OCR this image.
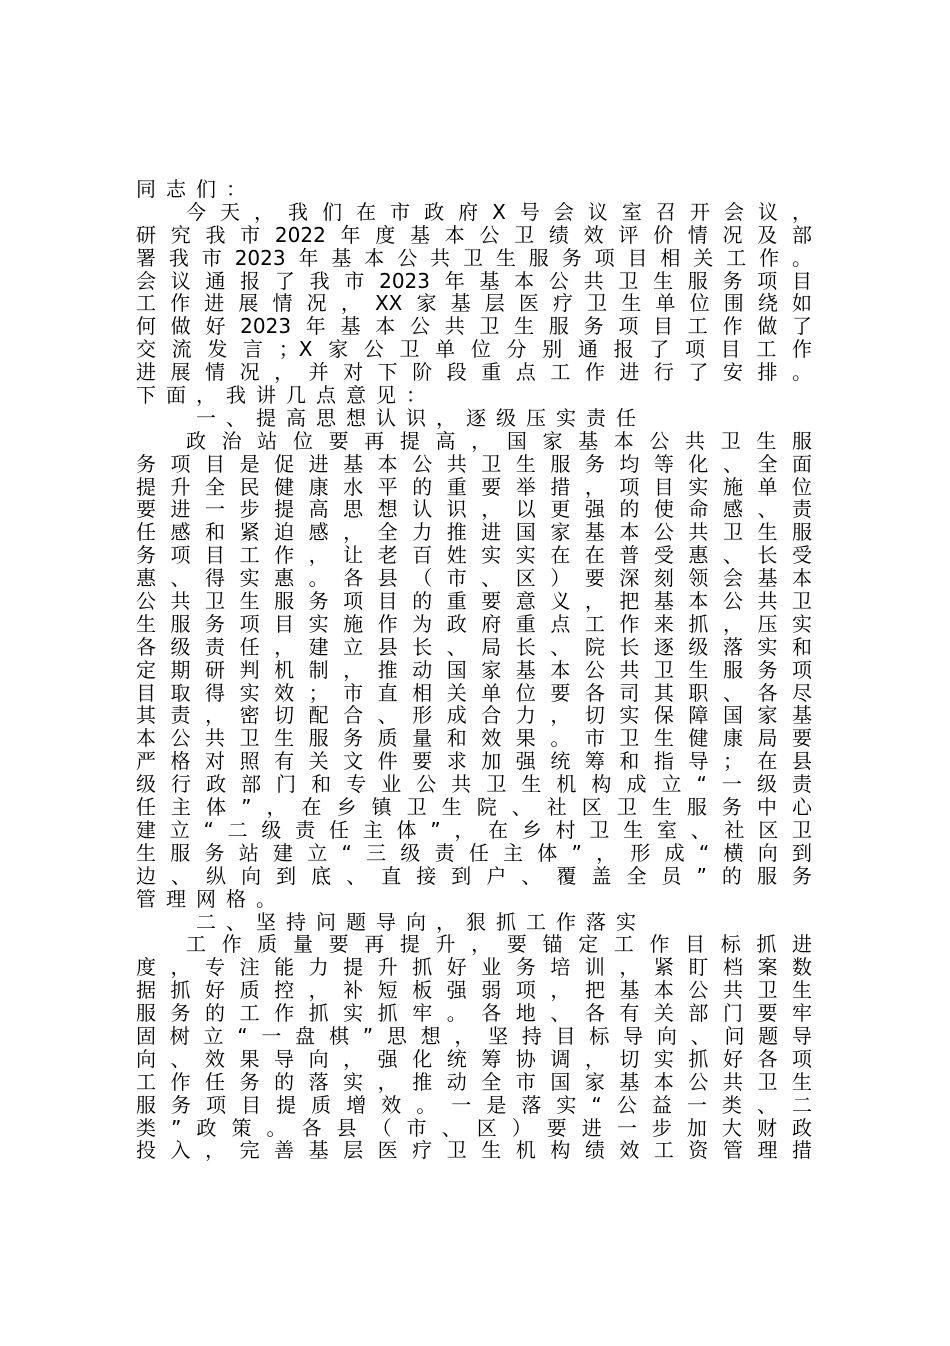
同志们：
今天，我们在市政府X号会议室召开会议，
研究我市2022年度基本公卫绩效评价情况及部
署我市2023年基本公共卫生服务项目相关工作。
会议通报了我市2023年基本公共卫生服务项目
工作进展情况，XX家基层医疗卫生单位围绕如
何做好2023年基本公共卫生服务项目工作做了
交流发言；X家公卫单位分别通报了项目工作
进展情况，并对下阶段重点工作进行了安排。
下面，我讲几点意见：
一、提高思想认识，逐级压实责任
政治站位要再提高，国家基本公共卫生服
务项目是促进基本公共卫生服务均等化、全面
提升全民健康水平的重要举措，项目实施单位
要进一步提高思想认识，以更强的使命感、责
任感和紧迫感，全力推进国家基本公共卫生服
务项目工作，让老百姓实实在在普受惠、长受
惠、得实惠。各县（市、区）要深刻领会基本
公共卫生服务项目的重要意义，把基本公共卫
生服务项目实施作为政府重点工作来抓，压实
各级责任，建立县长、局长、院长逐级落实和
定期研判机制，推动国家基本公共卫生服务项
目取得实效；市直相关单位要各司其职、各尽
其责，密切配合、形成合力，切实保障国家基
本公共卫生服务质量和效果。市卫生健康局要
严格对照有关文件要求加强统筹和指导；在县
级行政部门和专业公共卫生机构成立“一级责
任主体”，在乡镇卫生院、社区卫生服务中心
建立“二级责任主体”，在乡村卫生室、社区卫
生服务站建立“三级责任主体”，形成“横向到
边、纵向到底、直接到户、覆盖全员”的服务
管理网格。
二、坚持问题导向，狠抓工作落实
工作质量要再提升，要锚定工作目标抓进
度，专注能力提升抓好业务培训，紧盯档案数
据抓好质控，补短板强弱项，把基本公共卫生
服务的工作抓实抓牢。各地、各有关部门要牢
固树立“一盘棋”思想，坚持目标导向、问题导
向、效果导向，强化统筹协调，切实抓好各项
工作任务的落实，推动全市国家基本公共卫生
服务项目提质增效。一是落实“公益一类、二
类”政策。各县（市、区）要进一步加大财政
投入，完善基层医疗卫生机构绩效工资管理措
